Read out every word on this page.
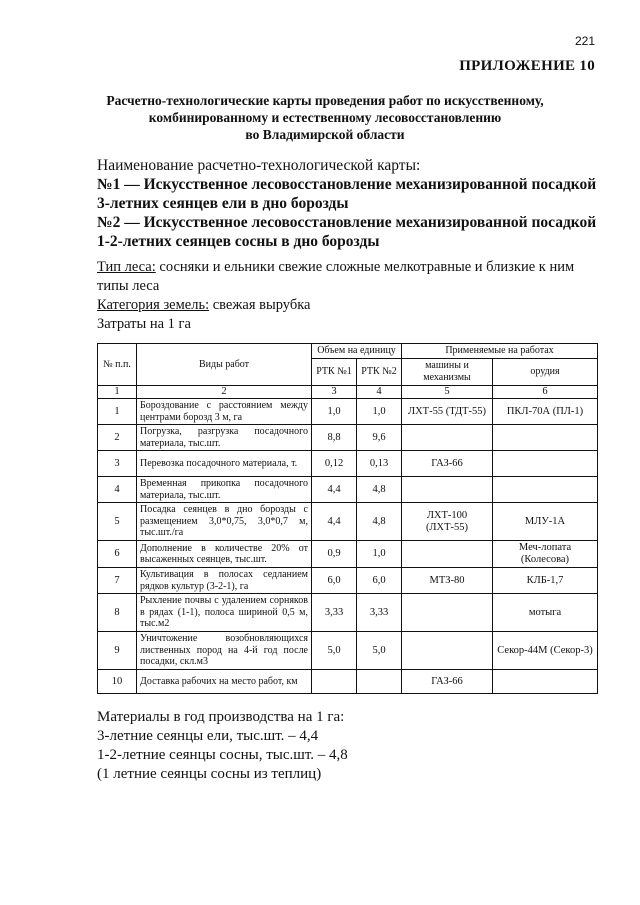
221
ПРИЛОЖЕНИЕ 10
Расчетно-технологические карты проведения работ по искусственному,
комбинированному и естественному лесовосстановлению
во Владимирской области
Наименование расчетно-технологической карты:
№1 — Искусственное лесовосстановление механизированной посадкой 3-летних сеянцев ели в дно борозды
№2 — Искусственное лесовосстановление механизированной посадкой 1-2-летних сеянцев сосны в дно борозды
Тип леса: сосняки и ельники свежие сложные мелкотравные и близкие к ним типы леса
Категория земель: свежая вырубка
Затраты на 1 га
№ п.п.	Виды работ	Объем на единицу		Применяемые на работах	
		РТК №1	РТК №2	машины и механизмы	орудия
1	2	3	4	5	6
1	Бороздование с расстоянием между центрами борозд 3 м, га	1,0	1,0	ЛХТ-55 (ТДТ-55)	ПКЛ-70А (ПЛ-1)
2	Погрузка, разгрузка посадочного материала, тыс.шт.	8,8	9,6		
3	Перевозка посадочного материала, т.	0,12	0,13	ГАЗ-66	
4	Временная прикопка посадочного материала, тыс.шт.	4,4	4,8		
5	Посадка сеянцев в дно борозды с размещением 3,0*0,75, 3,0*0,7 м, тыс.шт./га	4,4	4,8	ЛХТ-100 (ЛХТ-55)	МЛУ-1А
6	Дополнение в количестве 20% от высаженных сеянцев, тыс.шт.	0,9	1,0		Меч-лопата (Колесова)
7	Культивация в полосах седланием рядков культур (3-2-1), га	6,0	6,0	МТЗ-80	КЛБ-1,7
8	Рыхление почвы с удалением сорняков в рядах (1-1), полоса шириной 0,5 м, тыс.м2	3,33	3,33		мотыга
9	Уничтожение возобновляющихся лиственных пород на 4-й год после посадки, скл.м3	5,0	5,0		Секор-44М (Секор-3)
10	Доставка рабочих на место работ, км			ГАЗ-66	
Материалы в год производства на 1 га:
3-летние сеянцы ели, тыс.шт. – 4,4
1-2-летние сеянцы сосны, тыс.шт. – 4,8
(1 летние сеянцы сосны из теплиц)
